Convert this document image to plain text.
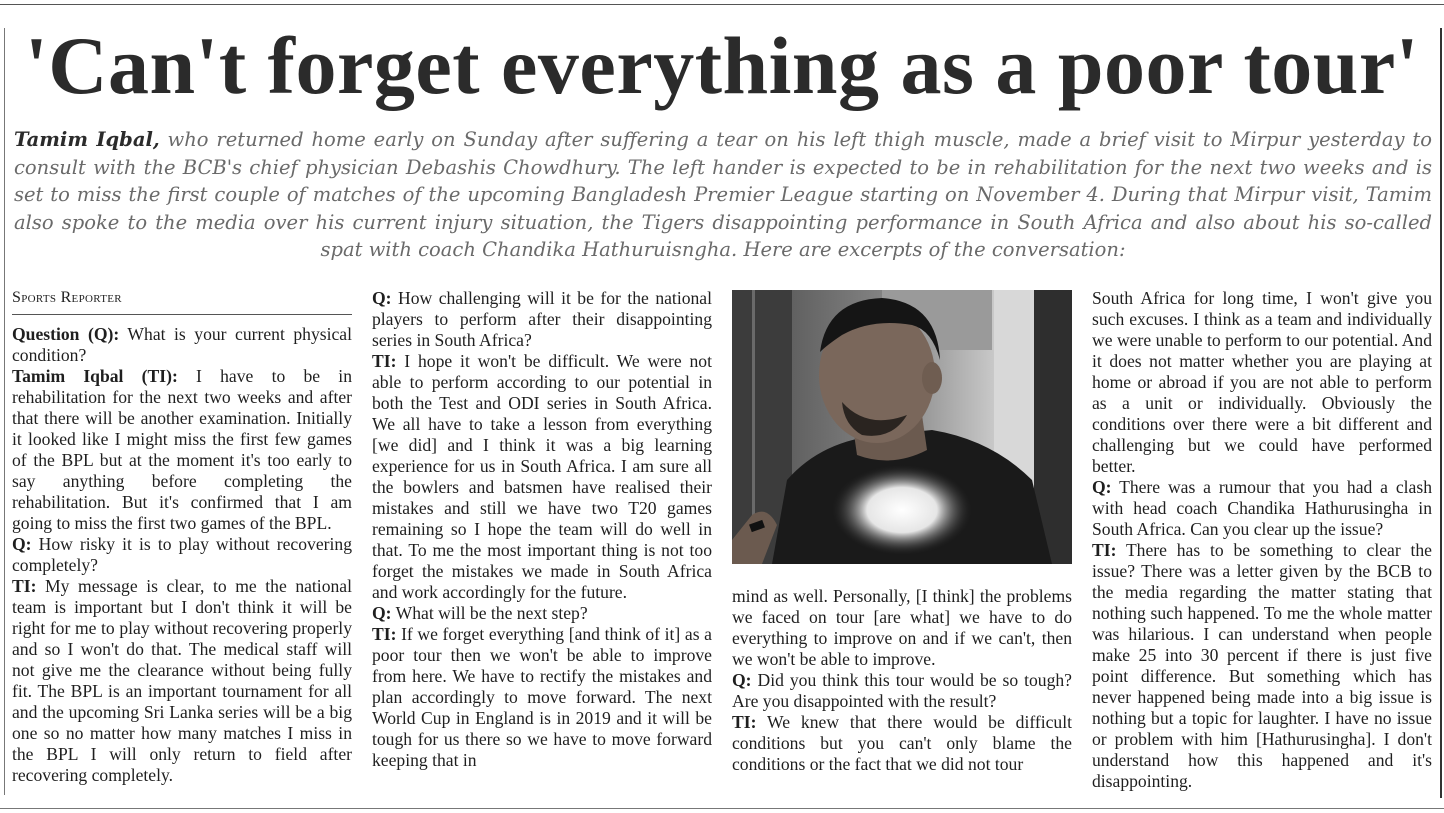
'Can't forget everything as a poor tour'
Tamim Iqbal, who returned home early on Sunday after suffering a tear on his left thigh muscle, made a brief visit to Mirpur yesterday to consult with the BCB's chief physician Debashis Chowdhury. The left hander is expected to be in rehabilitation for the next two weeks and is set to miss the first couple of matches of the upcoming Bangladesh Premier League starting on November 4. During that Mirpur visit, Tamim also spoke to the media over his current injury situation, the Tigers disappointing performance in South Africa and also about his so-called spat with coach Chandika Hathuruisngha. Here are excerpts of the conversation:

Sports Reporter

Question (Q): What is your current physical condition?

Tamim Iqbal (TI): I have to be in rehabilitation for the next two weeks and after that there will be another examination. Initially it looked like I might miss the first few games of the BPL but at the moment it's too early to say anything before completing the rehabilitation. But it's confirmed that I am going to miss the first two games of the BPL.

Q: How risky it is to play without recovering completely?

TI: My message is clear, to me the national team is important but I don't think it will be right for me to play without recovering properly and so I won't do that. The medical staff will not give me the clearance without being fully fit. The BPL is an important tournament for all and the upcoming Sri Lanka series will be a big one so no matter how many matches I miss in the BPL I will only return to field after recovering completely.

Q: How challenging will it be for the national players to perform after their disappointing series in South Africa?

TI: I hope it won't be difficult. We were not able to perform according to our potential in both the Test and ODI series in South Africa. We all have to take a lesson from everything [we did] and I think it was a big learning experience for us in South Africa. I am sure all the bowlers and batsmen have realised their mistakes and still we have two T20 games remaining so I hope the team will do well in that. To me the most important thing is not too forget the mistakes we made in South Africa and work accordingly for the future.

Q: What will be the next step?

TI: If we forget everything [and think of it] as a poor tour then we won't be able to improve from here. We have to rectify the mistakes and plan accordingly to move forward. The next World Cup in England is in 2019 and it will be tough for us there so we have to move forward keeping that in

mind as well. Personally, [I think] the problems we faced on tour [are what] we have to do everything to improve on and if we can't, then we won't be able to improve.

Q: Did you think this tour would be so tough? Are you disappointed with the result?

TI: We knew that there would be difficult conditions but you can't only blame the conditions or the fact that we did not tour

South Africa for long time, I won't give you such excuses. I think as a team and individually we were unable to perform to our potential. And it does not matter whether you are playing at home or abroad if you are not able to perform as a unit or individually. Obviously the conditions over there were a bit different and challenging but we could have performed better.

Q: There was a rumour that you had a clash with head coach Chandika Hathurusingha in South Africa. Can you clear up the issue?

TI: There has to be something to clear the issue? There was a letter given by the BCB to the media regarding the matter stating that nothing such happened. To me the whole matter was hilarious. I can understand when people make 25 into 30 percent if there is just five point difference. But something which has never happened being made into a big issue is nothing but a topic for laughter. I have no issue or problem with him [Hathurusingha]. I don't understand how this happened and it's disappointing.
